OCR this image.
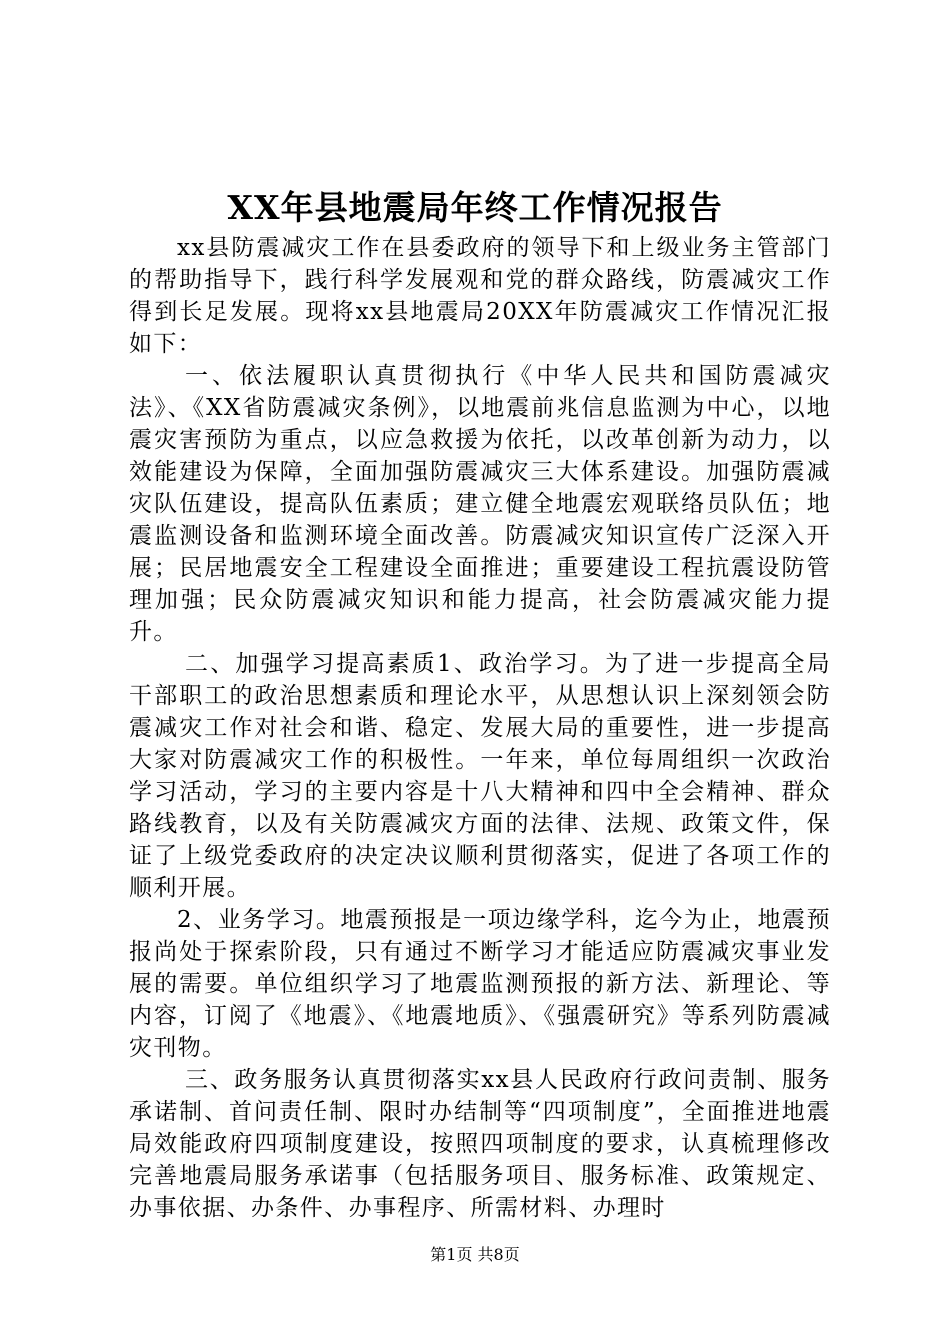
XX年县地震局年终工作情况报告

xx县防震减灾工作在县委政府的领导下和上级业务主管部门的帮助指导下，践行科学发展观和党的群众路线，防震减灾工作得到长足发展。现将xx县地震局20XX年防震减灾工作情况汇报如下：

一、依法履职认真贯彻执行《中华人民共和国防震减灾法》、《XX省防震减灾条例》，以地震前兆信息监测为中心，以地震灾害预防为重点，以应急救援为依托，以改革创新为动力，以效能建设为保障，全面加强防震减灾三大体系建设。加强防震减灾队伍建设，提高队伍素质；建立健全地震宏观联络员队伍；地震监测设备和监测环境全面改善。防震减灾知识宣传广泛深入开展；民居地震安全工程建设全面推进；重要建设工程抗震设防管理加强；民众防震减灾知识和能力提高，社会防震减灾能力提升。

二、加强学习提高素质1、政治学习。为了进一步提高全局干部职工的政治思想素质和理论水平，从思想认识上深刻领会防震减灾工作对社会和谐、稳定、发展大局的重要性，进一步提高大家对防震减灾工作的积极性。一年来，单位每周组织一次政治学习活动，学习的主要内容是十八大精神和四中全会精神、群众路线教育，以及有关防震减灾方面的法律、法规、政策文件，保证了上级党委政府的决定决议顺利贯彻落实，促进了各项工作的顺利开展。

2、业务学习。地震预报是一项边缘学科，迄今为止，地震预报尚处于探索阶段，只有通过不断学习才能适应防震减灾事业发展的需要。单位组织学习了地震监测预报的新方法、新理论、等内容，订阅了《地震》、《地震地质》、《强震研究》等系列防震减灾刊物。

三、政务服务认真贯彻落实xx县人民政府行政问责制、服务承诺制、首问责任制、限时办结制等“四项制度”，全面推进地震局效能政府四项制度建设，按照四项制度的要求，认真梳理修改完善地震局服务承诺事（包括服务项目、服务标准、政策规定、办事依据、办条件、办事程序、所需材料、办理时

第1页 共8页
